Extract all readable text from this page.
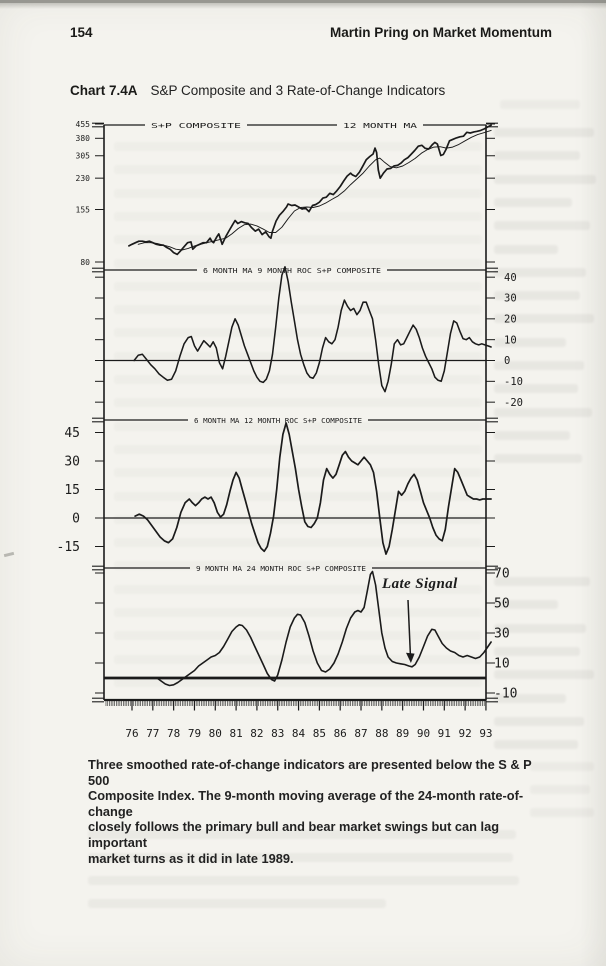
154	Martin Pring on Market Momentum
Chart 7.4A S&P Composite and 3 Rate-of-Change Indicators
S+P COMPOSITE	12 MONTH MA
455
380
305
230
155
80
6 MONTH MA 9 MONTH ROC S+P COMPOSITE
40
30
20
10
0
-10
-20
6 MONTH MA 12 MONTH ROC S+P COMPOSITE
45
30
15
0
-15
9 MONTH MA 24 MONTH ROC S+P COMPOSITE	70
50
30
10
-10
76 77 78 79 80 81 82 83 84 85 86 87 88 89 90 91 92 93
Late Signal
Three smoothed rate-of-change indicators are presented below the S & P 500
Composite Index. The 9-month moving average of the 24-month rate-of-change
closely follows the primary bull and bear market swings but can lag important
market turns as it did in late 1989.
